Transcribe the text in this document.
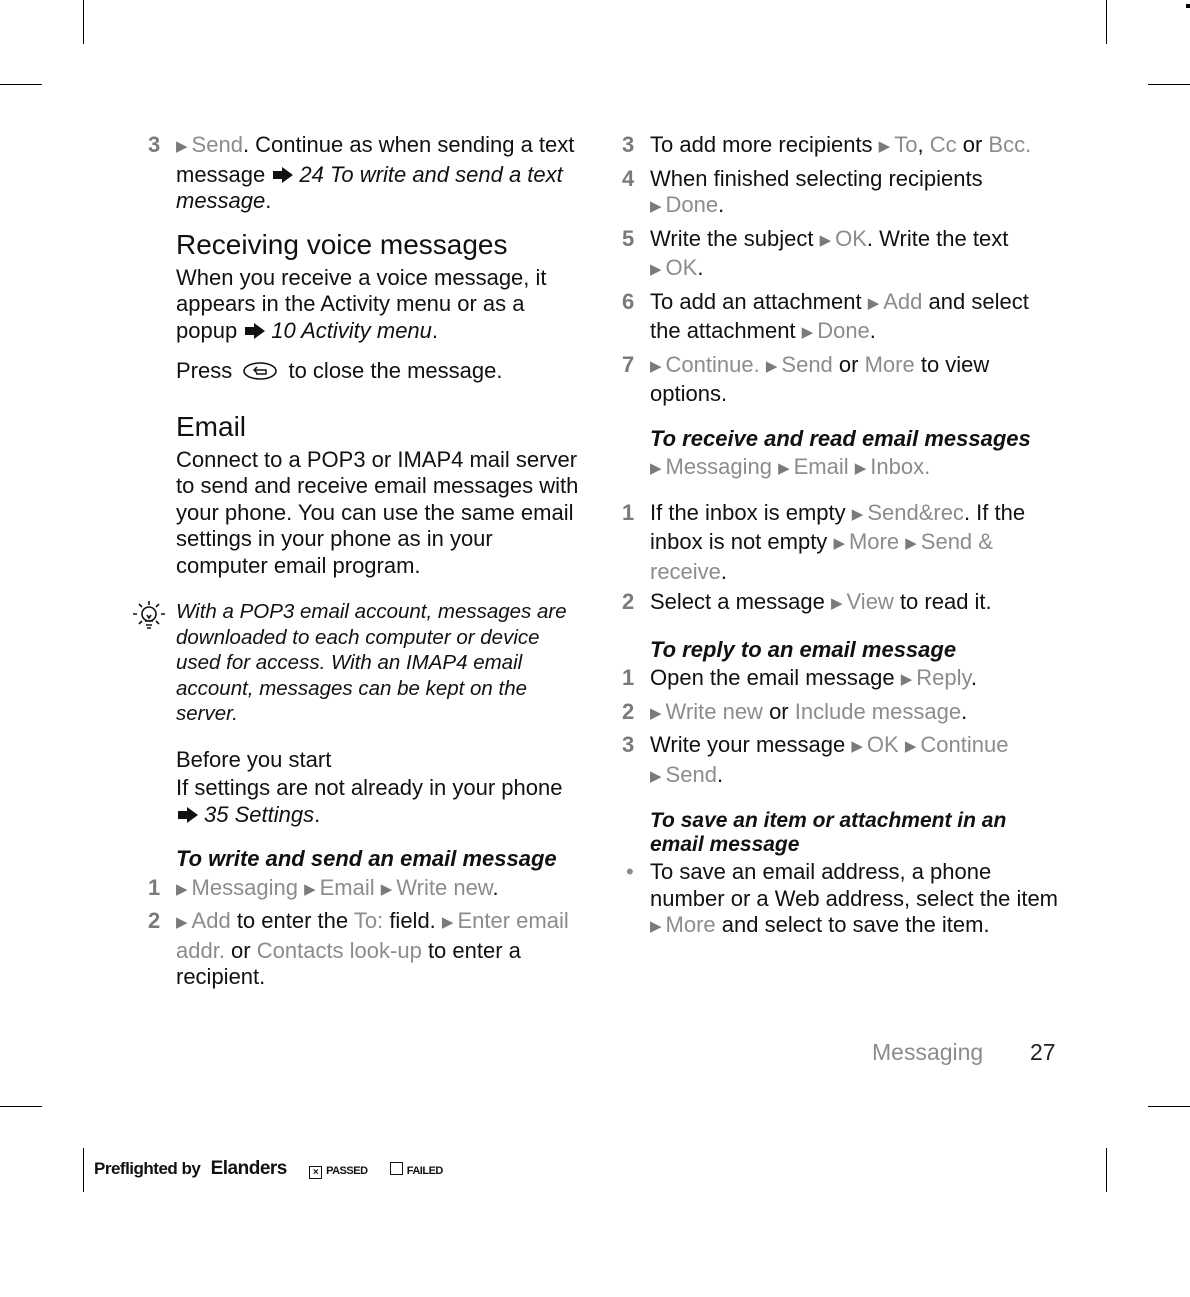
3 ▶ Send. Continue as when sending a text message 24 To write and send a text message.

Receiving voice messages

When you receive a voice message, it appears in the Activity menu or as a popup 10 Activity menu.

Press  to close the message.

Email

Connect to a POP3 or IMAP4 mail server to send and receive email messages with your phone. You can use the same email settings in your phone as in your computer email program.

With a POP3 email account, messages are downloaded to each computer or device used for access. With an IMAP4 email account, messages can be kept on the server.
Before you start

If settings are not already in your phone 35 Settings.

To write and send an email message

1 ▶ Messaging ▶ Email ▶ Write new.

2 ▶ Add to enter the To: field. ▶ Enter email addr. or Contacts look-up to enter a recipient.

3 To add more recipients ▶ To, Cc or Bcc.

4 When finished selecting recipients ▶ Done.

5 Write the subject ▶ OK. Write the text ▶ OK.

6 To add an attachment ▶ Add and select the attachment ▶ Done.

7 ▶ Continue. ▶ Send or More to view options.

To receive and read email messages

▶ Messaging ▶ Email ▶ Inbox.

1 If the inbox is empty ▶ Send&rec. If the inbox is not empty ▶ More ▶ Send & receive.

2 Select a message ▶ View to read it.

To reply to an email message

1 Open the email message ▶ Reply.

2 ▶ Write new or Include message.

3 Write your message ▶ OK ▶ Continue ▶ Send.

To save an item or attachment in an email message

• To save an email address, a phone number or a Web address, select the item ▶ More and select to save the item.

Messaging 27
Preflighted by Elanders	× PASSED	FAILED
